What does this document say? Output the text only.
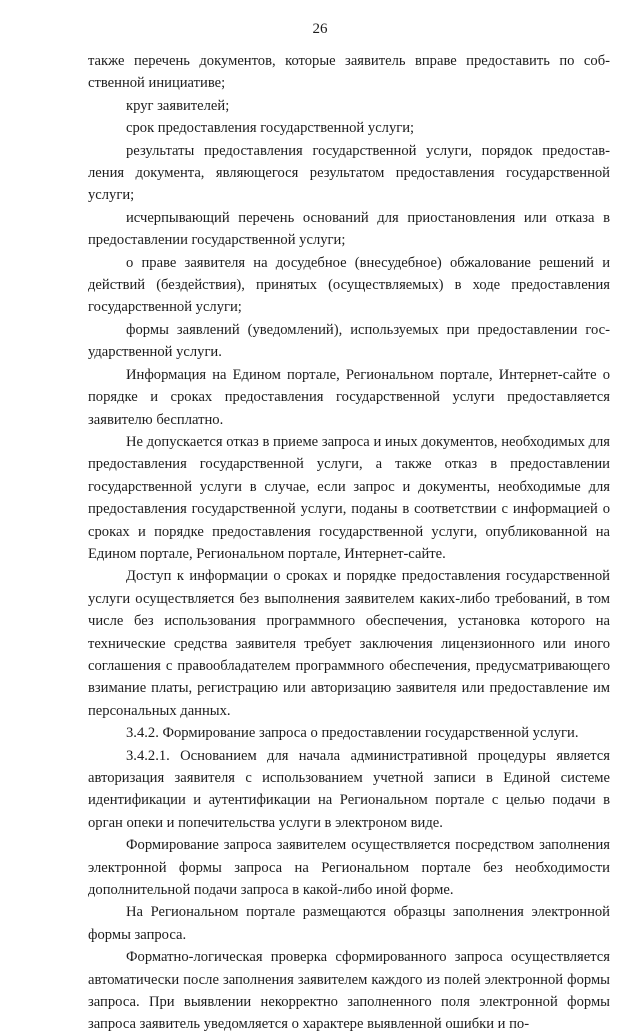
26

также перечень документов, которые заявитель вправе предоставить по собственной инициативе;

круг заявителей;

срок предоставления государственной услуги;

результаты предоставления государственной услуги, порядок предоставления документа, являющегося результатом предоставления государственной услуги;

исчерпывающий перечень оснований для приостановления или отказа в предоставлении государственной услуги;

о праве заявителя на досудебное (внесудебное) обжалование решений и действий (бездействия), принятых (осуществляемых) в ходе предоставления государственной услуги;

формы заявлений (уведомлений), используемых при предоставлении государственной услуги.

Информация на Едином портале, Региональном портале, Интернет-сайте о порядке и сроках предоставления государственной услуги предоставляется заявителю бесплатно.

Не допускается отказ в приеме запроса и иных документов, необходимых для предоставления государственной услуги, а также отказ в предоставлении государственной услуги в случае, если запрос и документы, необходимые для предоставления государственной услуги, поданы в соответствии с информацией о сроках и порядке предоставления государственной услуги, опубликованной на Едином портале, Региональном портале, Интернет-сайте.

Доступ к информации о сроках и порядке предоставления государственной услуги осуществляется без выполнения заявителем каких-либо требований, в том числе без использования программного обеспечения, установка которого на технические средства заявителя требует заключения лицензионного или иного соглашения с правообладателем программного обеспечения, предусматривающего взимание платы, регистрацию или авторизацию заявителя или предоставление им персональных данных.

3.4.2. Формирование запроса о предоставлении государственной услуги.

3.4.2.1. Основанием для начала административной процедуры является авторизация заявителя с использованием учетной записи в Единой системе идентификации и аутентификации на Региональном портале с целью подачи в орган опеки и попечительства услуги в электроном виде.

Формирование запроса заявителем осуществляется посредством заполнения электронной формы запроса на Региональном портале без необходимости дополнительной подачи запроса в какой-либо иной форме.

На Региональном портале размещаются образцы заполнения электронной формы запроса.

Форматно-логическая проверка сформированного запроса осуществляется автоматически после заполнения заявителем каждого из полей электронной формы запроса. При выявлении некорректно заполненного поля электронной формы запроса заявитель уведомляется о характере выявленной ошибки и по-
